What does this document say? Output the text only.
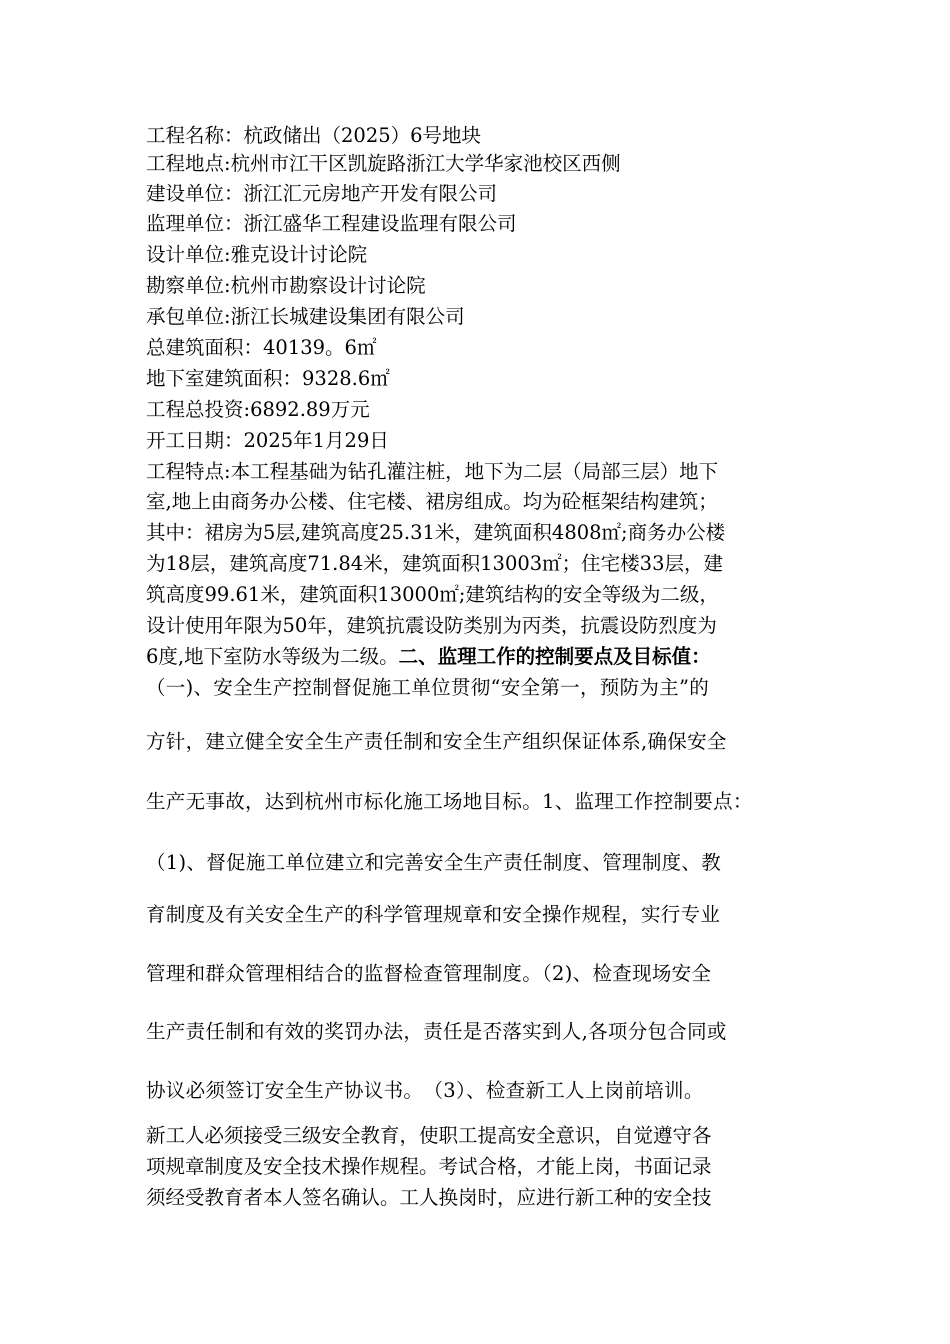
工程名称：杭政储出（2025）6号地块
工程地点:杭州市江干区凯旋路浙江大学华家池校区西侧
建设单位：浙江汇元房地产开发有限公司
监理单位：浙江盛华工程建设监理有限公司
设计单位:雅克设计讨论院
勘察单位:杭州市勘察设计讨论院
承包单位:浙江长城建设集团有限公司
总建筑面积：40139。6㎡
地下室建筑面积：9328.6㎡
工程总投资:6892.89万元
开工日期：2025年1月29日
工程特点:本工程基础为钻孔灌注桩，地下为二层（局部三层）地下
室,地上由商务办公楼、住宅楼、裙房组成。均为砼框架结构建筑；
其中：裙房为5层,建筑高度25.31米，建筑面积4808㎡;商务办公楼
为18层，建筑高度71.84米，建筑面积13003㎡；住宅楼33层，建
筑高度99.61米，建筑面积13000㎡;建筑结构的安全等级为二级，
设计使用年限为50年，建筑抗震设防类别为丙类，抗震设防烈度为
6度,地下室防水等级为二级。二、监理工作的控制要点及目标值：
（一)、安全生产控制督促施工单位贯彻“安全第一，预防为主”的
方针，建立健全安全生产责任制和安全生产组织保证体系,确保安全
生产无事故，达到杭州市标化施工场地目标。1、监理工作控制要点：
（1)、督促施工单位建立和完善安全生产责任制度、管理制度、教
育制度及有关安全生产的科学管理规章和安全操作规程，实行专业
管理和群众管理相结合的监督检查管理制度。（2)、检查现场安全
生产责任制和有效的奖罚办法，责任是否落实到人,各项分包合同或
协议必须签订安全生产协议书。　（3）、检查新工人上岗前培训。
新工人必须接受三级安全教育，使职工提高安全意识，自觉遵守各
项规章制度及安全技术操作规程。考试合格，才能上岗，书面记录
须经受教育者本人签名确认。工人换岗时，应进行新工种的安全技
